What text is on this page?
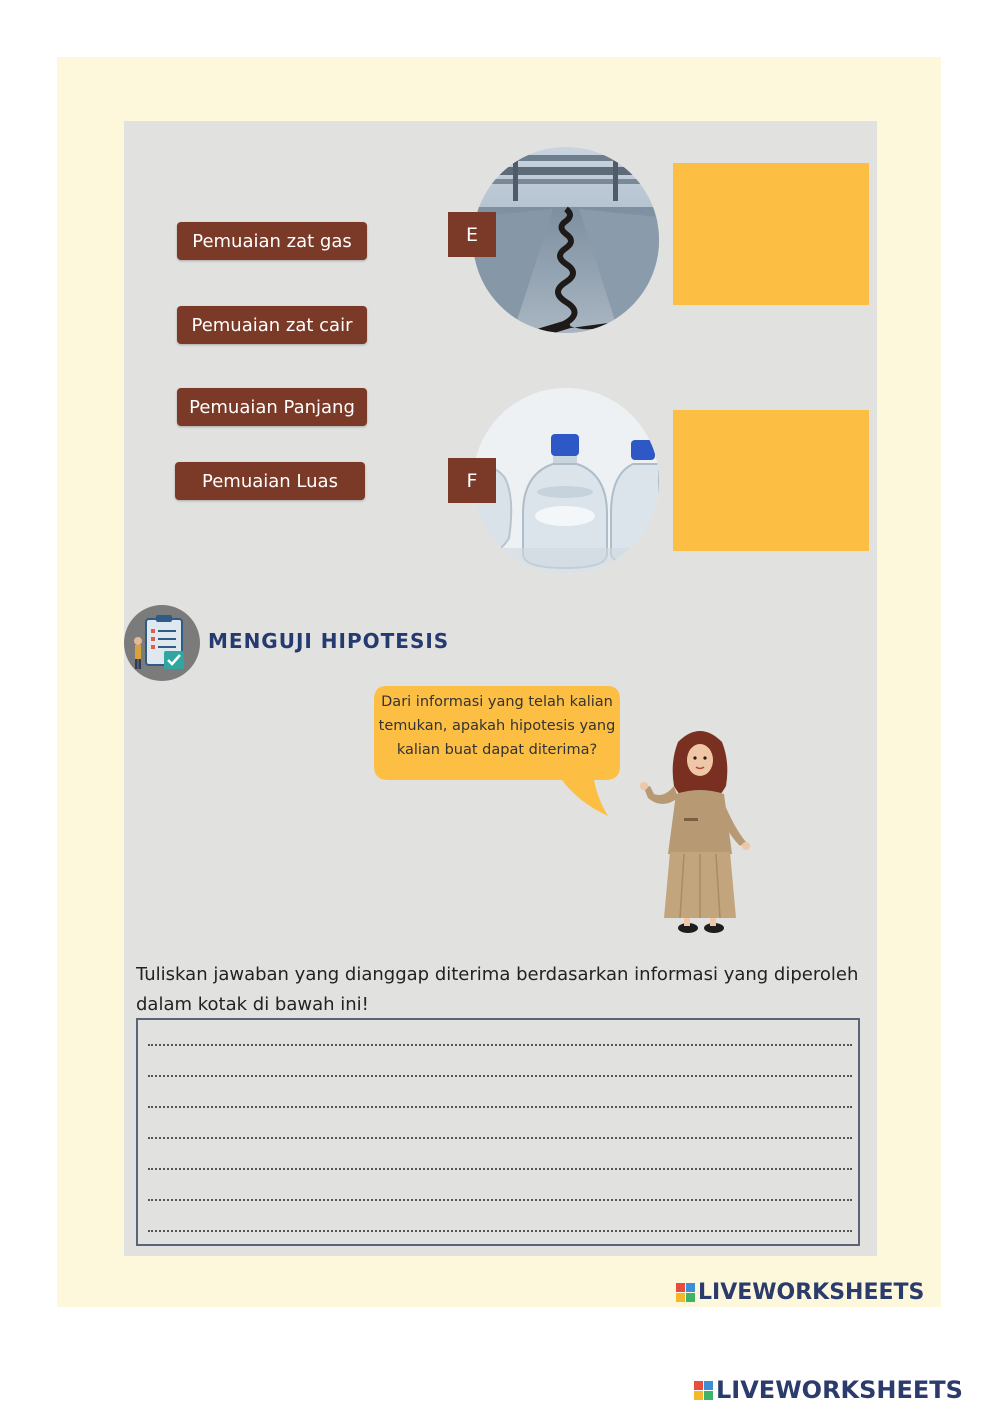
Pemuaian zat gas
Pemuaian zat cair
Pemuaian Panjang
Pemuaian Luas
E
F
MENGUJI HIPOTESIS
Dari informasi yang telah kalian
temukan, apakah hipotesis yang
kalian buat dapat diterima?
Tuliskan jawaban yang dianggap diterima berdasarkan informasi yang diperoleh
dalam kotak di bawah ini!
LIVEWORKSHEETS
LIVEWORKSHEETS
